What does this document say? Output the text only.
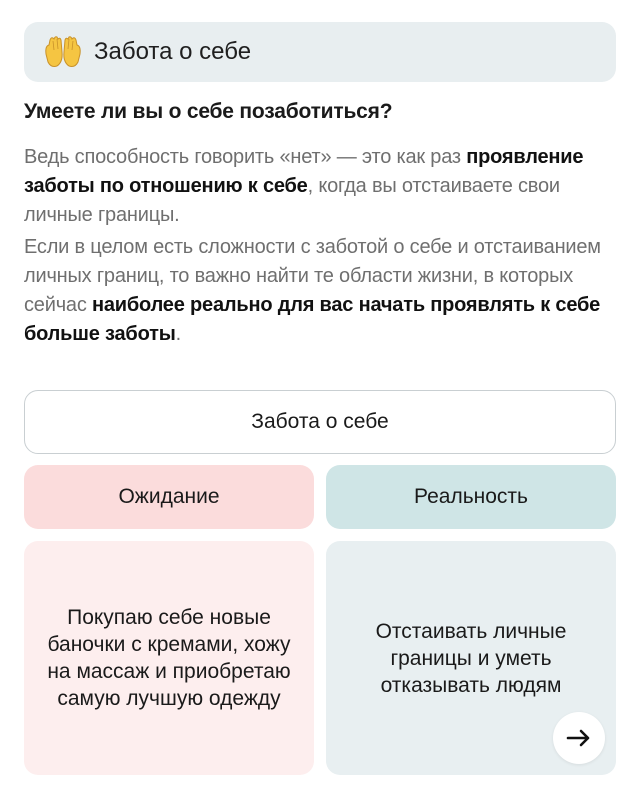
Забота о себе
Умеете ли вы о себе позаботиться?
Ведь способность говорить «нет» — это как раз проявление заботы по отношению к себе, когда вы отстаиваете свои личные границы.
Если в целом есть сложности с заботой о себе и отстаиванием личных границ, то важно найти те области жизни, в которых сейчас наиболее реально для вас начать проявлять к себе больше заботы.
Забота о себе
Ожидание	Реальность
Покупаю себе новые баночки с кремами, хожу на массаж и приобретаю самую лучшую одежду
Отстаивать личные границы и уметь отказывать людям
